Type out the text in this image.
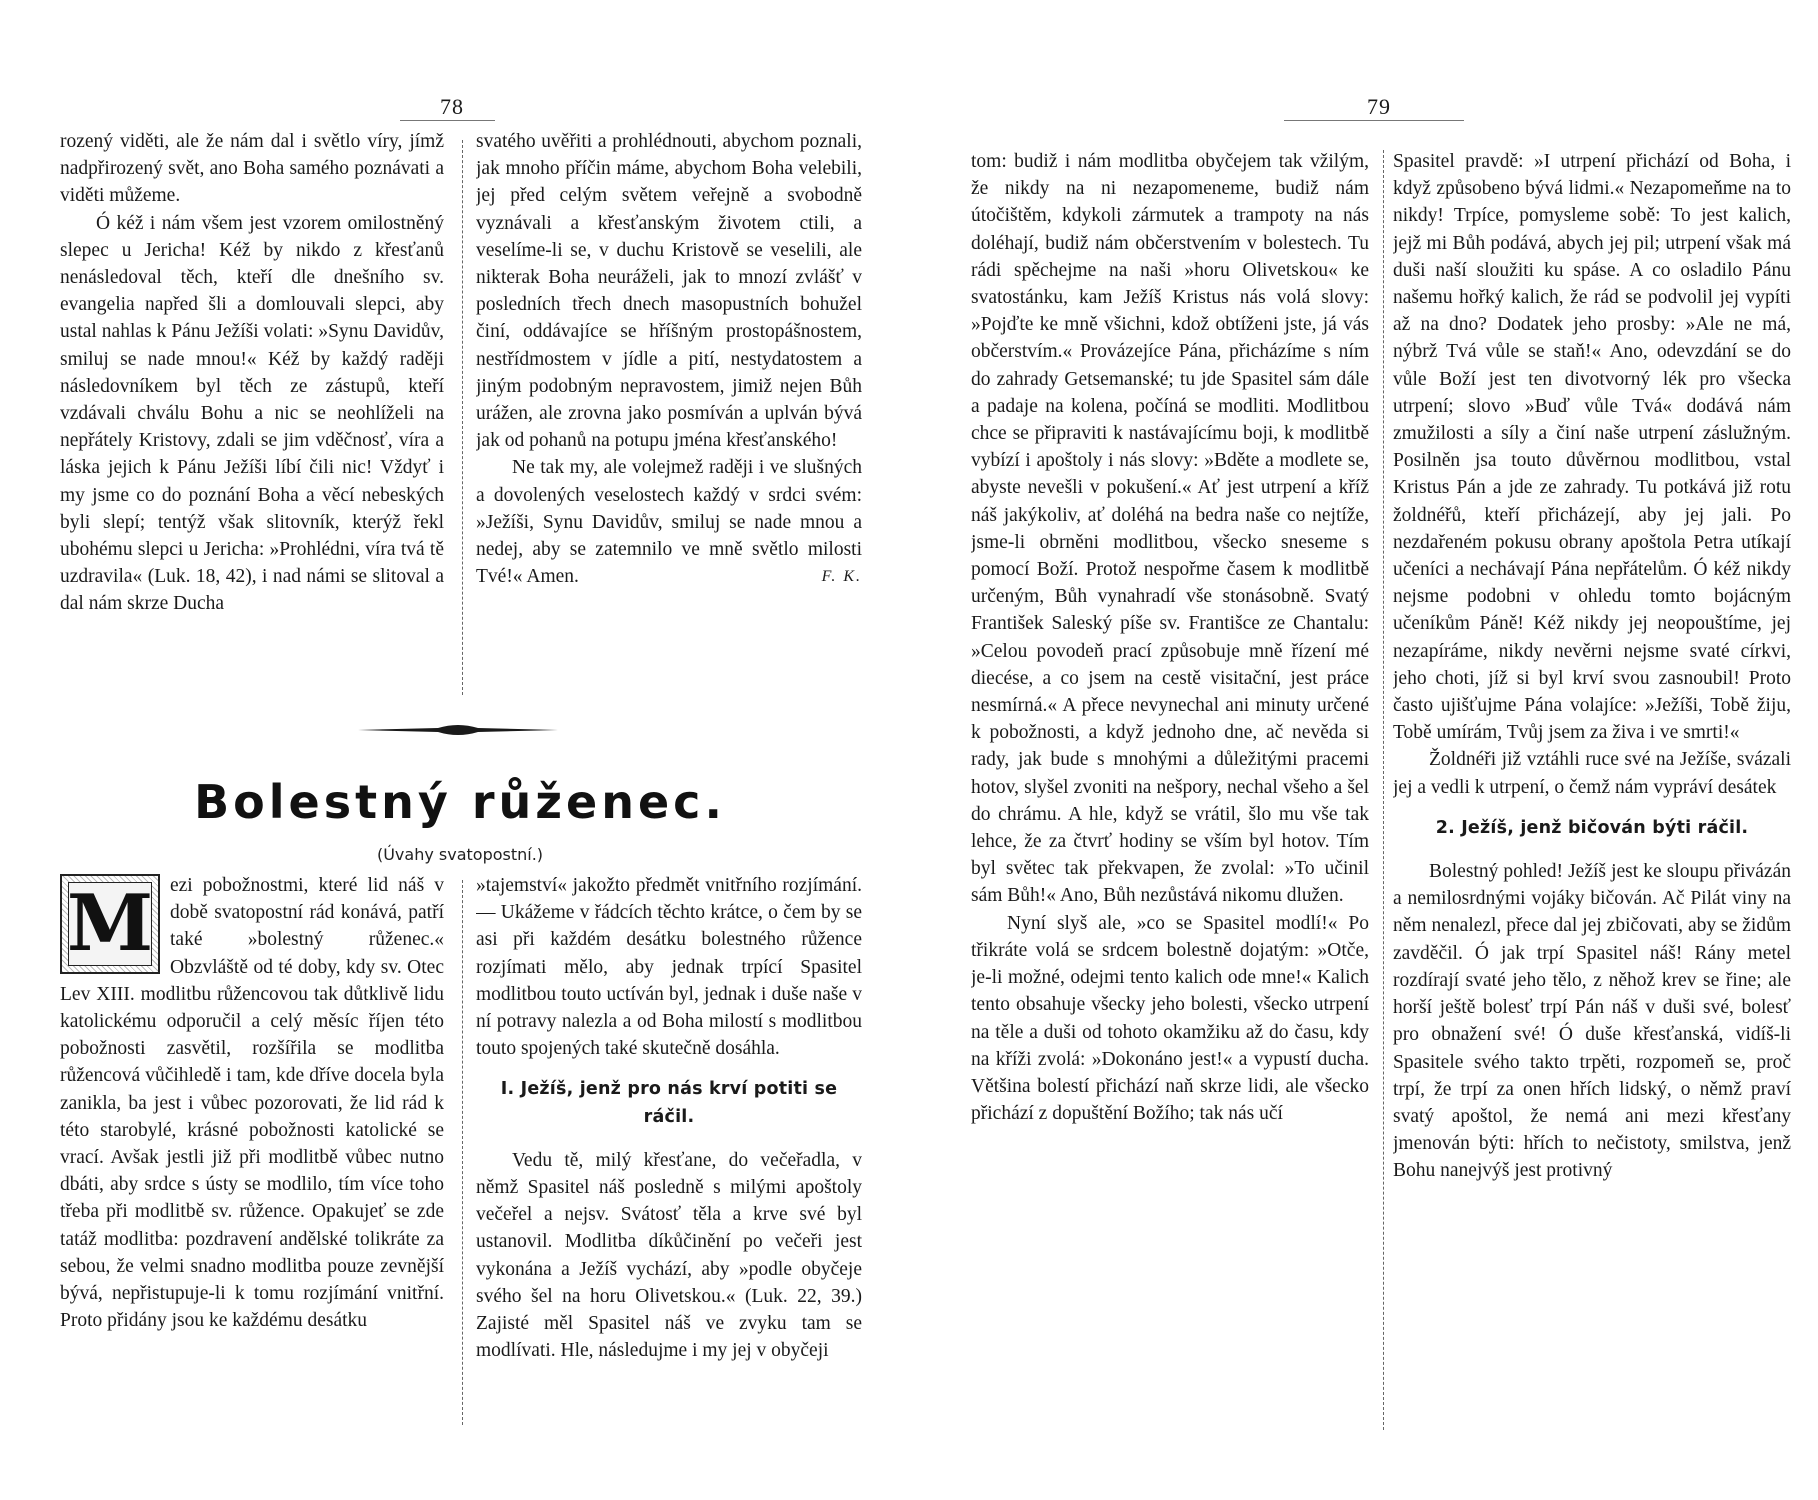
78

rozený viděti, ale že nám dal i světlo víry, jímž nadpřirozený svět, ano Boha samého poznávati a viděti můžeme.

Ó kéž i nám všem jest vzorem omilostněný slepec u Jericha! Kéž by nikdo z křesťanů nenásledoval těch, kteří dle dnešního sv. evangelia napřed šli a domlouvali slepci, aby ustal nahlas k Pánu Ježíši volati: »Synu Davidův, smiluj se nade mnou!« Kéž by každý raději následovníkem byl těch ze zástupů, kteří vzdávali chválu Bohu a nic se neohlíželi na nepřátely Kristovy, zdali se jim vděčnosť, víra a láska jejich k Pánu Ježíši líbí čili nic! Vždyť i my jsme co do poznání Boha a věcí nebeských byli slepí; tentýž však slitovník, kterýž řekl ubohému slepci u Jericha: »Prohlédni, víra tvá tě uzdravila« (Luk. 18, 42), i nad námi se slitoval a dal nám skrze Ducha

svatého uvěřiti a prohlédnouti, abychom poznali, jak mnoho příčin máme, abychom Boha velebili, jej před celým světem veřejně a svobodně vyznávali a křesťanským životem ctili, a veselíme-li se, v duchu Kristově se veselili, ale nikterak Boha neuráželi, jak to mnozí zvlášť v posledních třech dnech masopustních bohužel činí, oddávajíce se hříšným prostopášnostem, nestřídmostem v jídle a pití, nestydatostem a jiným podobným nepravostem, jimiž nejen Bůh urážen, ale zrovna jako posmíván a uplván bývá jak od pohanů na potupu jména křesťanského!

Ne tak my, ale volejmež raději i ve slušných a dovolených veselostech každý v srdci svém: »Ježíši, Synu Davidův, smiluj se nade mnou a nedej, aby se zatemnilo ve mně světlo milosti Tvé!« Amen.	F. K.

Bolestný růženec.
(Úvahy svatopostní.)

M ezi pobožnostmi, které lid náš v době svatopostní rád konává, patří také »bolestný růženec.« Obzvláště od té doby, kdy sv. Otec Lev XIII. modlitbu růžencovou tak důtklivě lidu katolickému odporučil a celý měsíc říjen této pobožnosti zasvětil, rozšířila se modlitba růžencová vůčihledě i tam, kde dříve docela byla zanikla, ba jest i vůbec pozorovati, že lid rád k této starobylé, krásné pobožnosti katolické se vrací. Avšak jestli již při modlitbě vůbec nutno dbáti, aby srdce s ústy se modlilo, tím více toho třeba při modlitbě sv. růžence. Opakujeť se zde tatáž modlitba: pozdravení andělské tolikráte za sebou, že velmi snadno modlitba pouze zevnější bývá, nepřistupuje-li k tomu rozjímání vnitřní. Proto přidány jsou ke každému desátku

»tajemství« jakožto předmět vnitřního rozjímání. — Ukážeme v řádcích těchto krátce, o čem by se asi při každém desátku bolestného růžence rozjímati mělo, aby jednak trpící Spasitel modlitbou touto uctíván byl, jednak i duše naše v ní potravy nalezla a od Boha milostí s modlitbou touto spojených také skutečně dosáhla.

I. Ježíš, jenž pro nás krví potiti se ráčil.

Vedu tě, milý křesťane, do večeřadla, v němž Spasitel náš posledně s milými apoštoly večeřel a nejsv. Svátosť těla a krve své byl ustanovil. Modlitba díkůčinění po večeři jest vykonána a Ježíš vychází, aby »podle obyčeje svého šel na horu Olivetskou.« (Luk. 22, 39.) Zajisté měl Spasitel náš ve zvyku tam se modlívati. Hle, následujme i my jej v obyčeji

79

tom: budiž i nám modlitba obyčejem tak vžilým, že nikdy na ni nezapomeneme, budiž nám útočištěm, kdykoli zármutek a trampoty na nás doléhají, budiž nám občerstvením v bolestech. Tu rádi spěchejme na naši »horu Olivetskou« ke svatostánku, kam Ježíš Kristus nás volá slovy: »Pojďte ke mně všichni, kdož obtíženi jste, já vás občerstvím.« Provázejíce Pána, přicházíme s ním do zahrady Getsemanské; tu jde Spasitel sám dále a padaje na kolena, počíná se modliti. Modlitbou chce se připraviti k nastávajícímu boji, k modlitbě vybízí i apoštoly i nás slovy: »Bděte a modlete se, abyste nevešli v pokušení.« Ať jest utrpení a kříž náš jakýkoliv, ať doléhá na bedra naše co nejtíže, jsme-li obrněni modlitbou, všecko sneseme s pomocí Boží. Protož nespořme časem k modlitbě určeným, Bůh vynahradí vše stonásobně. Svatý František Saleský píše sv. Františce ze Chantalu: »Celou povodeň prací způsobuje mně řízení mé diecése, a co jsem na cestě visitační, jest práce nesmírná.« A přece nevynechal ani minuty určené k pobožnosti, a když jednoho dne, ač nevěda si rady, jak bude s mnohými a důležitými pracemi hotov, slyšel zvoniti na nešpory, nechal všeho a šel do chrámu. A hle, když se vrátil, šlo mu vše tak lehce, že za čtvrť hodiny se vším byl hotov. Tím byl světec tak překvapen, že zvolal: »To učinil sám Bůh!« Ano, Bůh nezůstává nikomu dlužen.

Nyní slyš ale, »co se Spasitel modlí!« Po třikráte volá se srdcem bolestně dojatým: »Otče, je-li možné, odejmi tento kalich ode mne!« Kalich tento obsahuje všecky jeho bolesti, všecko utrpení na těle a duši od tohoto okamžiku až do času, kdy na kříži zvolá: »Dokonáno jest!« a vypustí ducha. Většina bolestí přichází naň skrze lidi, ale všecko přichází z dopuštění Božího; tak nás učí

Spasitel pravdě: »I utrpení přichází od Boha, i když způsobeno bývá lidmi.« Nezapomeňme na to nikdy! Trpíce, pomysleme sobě: To jest kalich, jejž mi Bůh podává, abych jej pil; utrpení však má duši naší sloužiti ku spáse. A co osladilo Pánu našemu hořký kalich, že rád se podvolil jej vypíti až na dno? Dodatek jeho prosby: »Ale ne má, nýbrž Tvá vůle se staň!« Ano, odevzdání se do vůle Boží jest ten divotvorný lék pro všecka utrpení; slovo »Buď vůle Tvá« dodává nám zmužilosti a síly a činí naše utrpení záslužným. Posilněn jsa touto důvěrnou modlitbou, vstal Kristus Pán a jde ze zahrady. Tu potkává již rotu žoldnéřů, kteří přicházejí, aby jej jali. Po nezdařeném pokusu obrany apoštola Petra utíkají učeníci a nechávají Pána nepřátelům. Ó kéž nikdy nejsme podobni v ohledu tomto bojácným učeníkům Páně! Kéž nikdy jej neopouštíme, jej nezapíráme, nikdy nevěrni nejsme svaté církvi, jeho choti, jíž si byl krví svou zasnoubil! Proto často ujišťujme Pána volajíce: »Ježíši, Tobě žiju, Tobě umírám, Tvůj jsem za živa i ve smrti!«

Žoldnéři již vztáhli ruce své na Ježíše, svázali jej a vedli k utrpení, o čemž nám vypráví desátek

2. Ježíš, jenž bičován býti ráčil.

Bolestný pohled! Ježíš jest ke sloupu přivázán a nemilosrdnými vojáky bičován. Ač Pilát viny na něm nenalezl, přece dal jej zbičovati, aby se židům zavděčil. Ó jak trpí Spasitel náš! Rány metel rozdírají svaté jeho tělo, z něhož krev se řine; ale horší ještě bolesť trpí Pán náš v duši své, bolesť pro obnažení své! Ó duše křesťanská, vidíš-li Spasitele svého takto trpěti, rozpomeň se, proč trpí, že trpí za onen hřích lidský, o němž praví svatý apoštol, že nemá ani mezi křesťany jmenován býti: hřích to nečistoty, smilstva, jenž Bohu nanejvýš jest protivný
